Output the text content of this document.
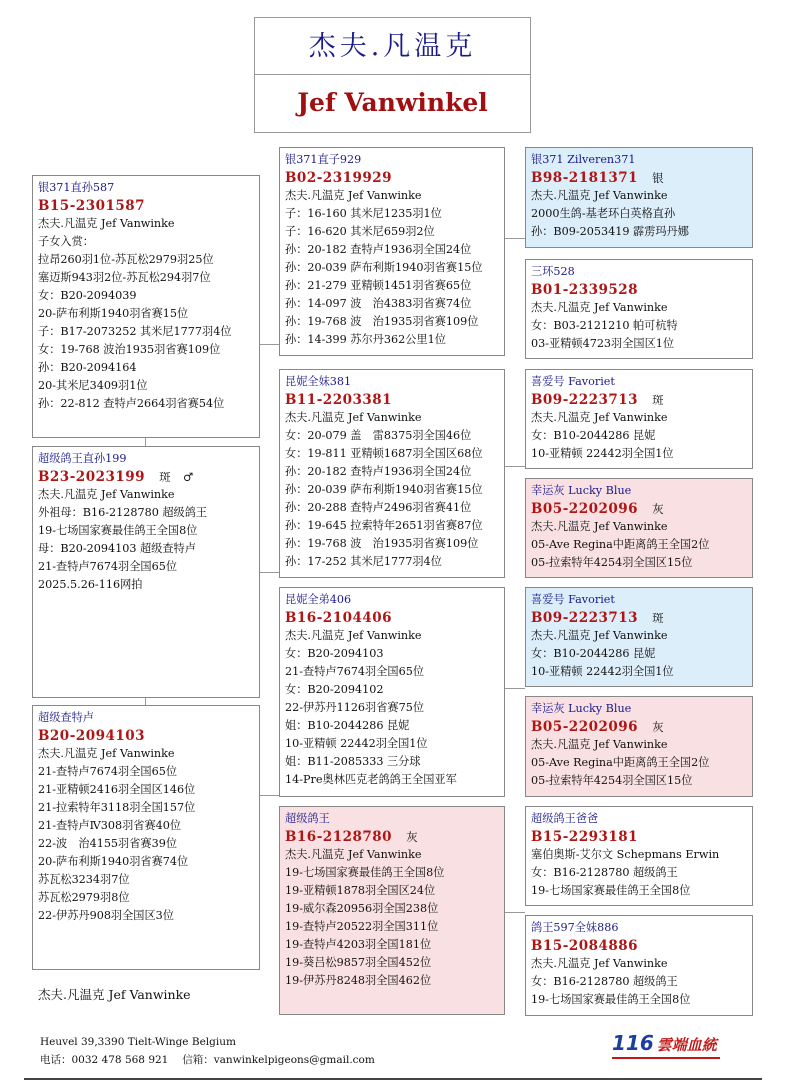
杰夫.凡温克
Jef Vanwinkel
银371直孙587
B15-2301587
杰夫.凡温克 Jef Vanwinke
子女入赏：
拉昂260羽1位-苏瓦松2979羽25位
塞迈斯943羽2位-苏瓦松294羽7位
女：B20-2094039
20-萨布利斯1940羽省赛15位
子：B17-2073252 其米尼1777羽4位
女：19-768 波治1935羽省赛109位
孙：B20-2094164
20-其米尼3409羽1位
孙：22-812 查特卢2664羽省赛54位
超级鸽王直孙199
B23-2023199 斑　♂
杰夫.凡温克 Jef Vanwinke
外祖母：B16-2128780 超级鸽王
19-七场国家赛最佳鸽王全国8位
母：B20-2094103 超级查特卢
21-查特卢7674羽全国65位
2025.5.26-116网拍
超级查特卢
B20-2094103
杰夫.凡温克 Jef Vanwinke
21-查特卢7674羽全国65位
21-亚精顿2416羽全国区146位
21-拉索特年3118羽全国157位
21-查特卢Ⅳ308羽省赛40位
22-波　治4155羽省赛39位
20-萨布利斯1940羽省赛74位
苏瓦松3234羽7位
苏瓦松2979羽8位
22-伊苏丹908羽全国区3位
银371直子929
B02-2319929
杰夫.凡温克 Jef Vanwinke
子：16-160 其米尼1235羽1位
子：16-620 其米尼659羽2位
孙：20-182 查特卢1936羽全国24位
孙：20-039 萨布利斯1940羽省赛15位
孙：21-279 亚精顿1451羽省赛65位
孙：14-097 波　治4383羽省赛74位
孙：19-768 波　治1935羽省赛109位
孙：14-399 苏尔丹362公里1位
昆妮全妹381
B11-2203381
杰夫.凡温克 Jef Vanwinke
女：20-079 盖　雷8375羽全国46位
女：19-811 亚精顿1687羽全国区68位
孙：20-182 查特卢1936羽全国24位
孙：20-039 萨布利斯1940羽省赛15位
孙：20-288 查特卢2496羽省赛41位
孙：19-645 拉索特年2651羽省赛87位
孙：19-768 波　治1935羽省赛109位
孙：17-252 其米尼1777羽4位
昆妮全弟406
B16-2104406
杰夫.凡温克 Jef Vanwinke
女：B20-2094103
21-查特卢7674羽全国65位
女：B20-2094102
22-伊苏丹1126羽省赛75位
姐：B10-2044286 昆妮
10-亚精顿 22442羽全国1位
姐：B11-2085333 三分球
14-Pre奥林匹克老鸽鸽王全国亚军
超级鸽王
B16-2128780 灰
杰夫.凡温克 Jef Vanwinke
19-七场国家赛最佳鸽王全国8位
19-亚精顿1878羽全国区24位
19-威尔森20956羽全国238位
19-查特卢20522羽全国311位
19-查特卢4203羽全国181位
19-葵吕松9857羽全国452位
19-伊苏丹8248羽全国462位
银371 Zilveren371
B98-2181371 银
杰夫.凡温克 Jef Vanwinke
2000生鸽-基老环白英格直孙
孙：B09-2053419 霹雳玛丹娜
三环528
B01-2339528
杰夫.凡温克 Jef Vanwinke
女：B03-2121210 帕可杭特
03-亚精顿4723羽全国区1位
喜爱号 Favoriet
B09-2223713 斑
杰夫.凡温克 Jef Vanwinke
女：B10-2044286 昆妮
10-亚精顿 22442羽全国1位
幸运灰 Lucky Blue
B05-2202096 灰
杰夫.凡温克 Jef Vanwinke
05-Ave Regina中距离鸽王全国2位
05-拉索特年4254羽全国区15位
喜爱号 Favoriet
B09-2223713 斑
杰夫.凡温克 Jef Vanwinke
女：B10-2044286 昆妮
10-亚精顿 22442羽全国1位
幸运灰 Lucky Blue
B05-2202096 灰
杰夫.凡温克 Jef Vanwinke
05-Ave Regina中距离鸽王全国2位
05-拉索特年4254羽全国区15位
超级鸽王爸爸
B15-2293181
塞伯奥斯-艾尔文 Schepmans Erwin
女：B16-2128780 超级鸽王
19-七场国家赛最佳鸽王全国8位
鸽王597全妹886
B15-2084886
杰夫.凡温克 Jef Vanwinke
女：B16-2128780 超级鸽王
19-七场国家赛最佳鸽王全国8位
杰夫.凡温克 Jef Vanwinke
Heuvel 39,3390 Tielt-Winge Belgium
电话：0032 478 568 921　 信箱：vanwinkelpigeons@gmail.com
116 雲端血統
